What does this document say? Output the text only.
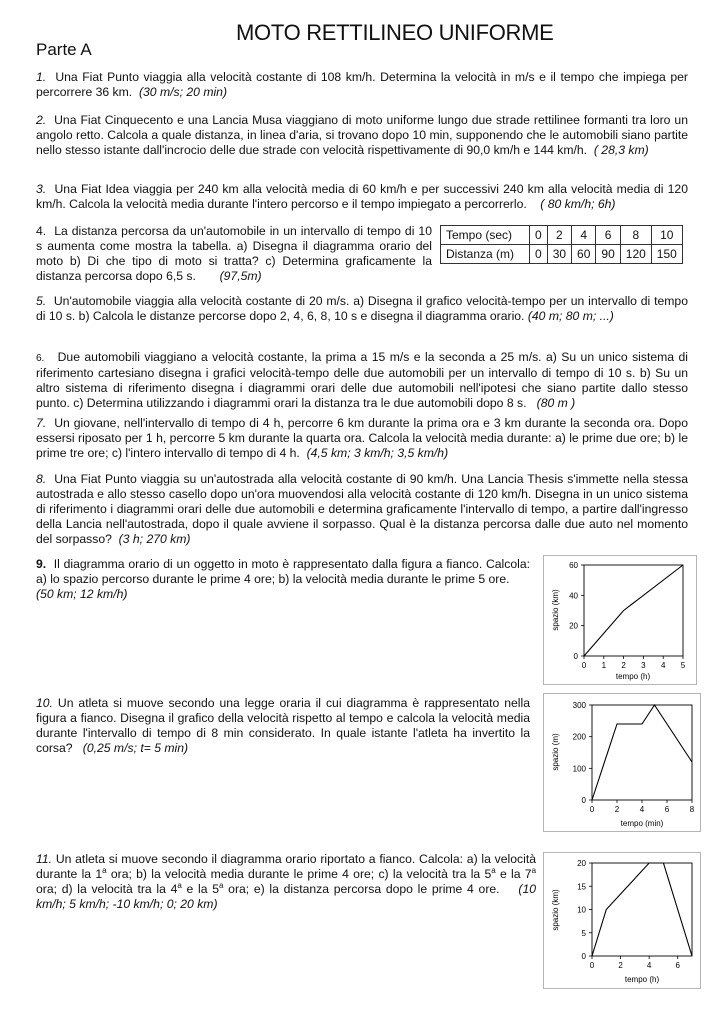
MOTO RETTILINEO UNIFORME
Parte A
1. Una Fiat Punto viaggia alla velocità costante di 108 km/h. Determina la velocità in m/s e il tempo che impiega per percorrere 36 km. (30 m/s; 20 min)
2. Una Fiat Cinquecento e una Lancia Musa viaggiano di moto uniforme lungo due strade rettilinee formanti tra loro un angolo retto. Calcola a quale distanza, in linea d'aria, si trovano dopo 10 min, supponendo che le automobili siano partite nello stesso istante dall'incrocio delle due strade con velocità rispettivamente di 90,0 km/h e 144 km/h. ( 28,3 km)
3. Una Fiat Idea viaggia per 240 km alla velocità media di 60 km/h e per successivi 240 km alla velocità media di 120 km/h. Calcola la velocità media durante l'intero percorso e il tempo impiegato a percorrerlo. ( 80 km/h; 6h)
4. La distanza percorsa da un'automobile in un intervallo di tempo di 10 s aumenta come mostra la tabella. a) Disegna il diagramma orario del moto b) Di che tipo di moto si tratta? c) Determina graficamente la distanza percorsa dopo 6,5 s. (97,5m)
Tempo (sec)	0	2	4	6	8	10
Distanza (m)	0	30	60	90	120	150
5. Un'automobile viaggia alla velocità costante di 20 m/s. a) Disegna il grafico velocità-tempo per un intervallo di tempo di 10 s. b) Calcola le distanze percorse dopo 2, 4, 6, 8, 10 s e disegna il diagramma orario. (40 m; 80 m; ...)
6. Due automobili viaggiano a velocità costante, la prima a 15 m/s e la seconda a 25 m/s. a) Su un unico sistema di riferimento cartesiano disegna i grafici velocità-tempo delle due automobili per un intervallo di tempo di 10 s. b) Su un altro sistema di riferimento disegna i diagrammi orari delle due automobili nell'ipotesi che siano partite dallo stesso punto. c) Determina utilizzando i diagrammi orari la distanza tra le due automobili dopo 8 s. (80 m )
7. Un giovane, nell'intervallo di tempo di 4 h, percorre 6 km durante la prima ora e 3 km durante la seconda ora. Dopo essersi riposato per 1 h, percorre 5 km durante la quarta ora. Calcola la velocità media durante: a) le prime due ore; b) le prime tre ore; c) l'intero intervallo di tempo di 4 h. (4,5 km; 3 km/h; 3,5 km/h)
8. Una Fiat Punto viaggia su un'autostrada alla velocità costante di 90 km/h. Una Lancia Thesis s'immette nella stessa autostrada e allo stesso casello dopo un'ora muovendosi alla velocità costante di 120 km/h. Disegna in un unico sistema di riferimento i diagrammi orari delle due automobili e determina graficamente l'intervallo di tempo, a partire dall'ingresso della Lancia nell'autostrada, dopo il quale avviene il sorpasso. Qual è la distanza percorsa dalle due auto nel momento del sorpasso? (3 h; 270 km)
9. Il diagramma orario di un oggetto in moto è rappresentato dalla figura a fianco. Calcola: a) lo spazio percorso durante le prime 4 ore; b) la velocità media durante le prime 5 ore.
(50 km; 12 km/h)
10. Un atleta si muove secondo una legge oraria il cui diagramma è rappresentato nella figura a fianco. Disegna il grafico della velocità rispetto al tempo e calcola la velocità media durante l'intervallo di tempo di 8 min considerato. In quale istante l'atleta ha invertito la corsa? (0,25 m/s; t= 5 min)
11. Un atleta si muove secondo il diagramma orario riportato a fianco. Calcola: a) la velocità durante la 1$^a$ ora; b) la velocità media durante le prime 4 ore; c) la velocità tra la 5$^a$ e la 7$^a$ ora; d) la velocità tra la 4$^a$ e la 5$^a$ ora; e) la distanza percorsa dopo le prime 4 ore. (10 km/h; 5 km/h; -10 km/h; 0; 20 km)
0 1 2 3 4 5
0
20
40
60
tempo (h)
spazio (km)
0	2	4	6	8
0
100
200
300
tempo (min)
spazio (m)
0	2	4	6
0
5
10
15
20
tempo (h)
spazio (km)
